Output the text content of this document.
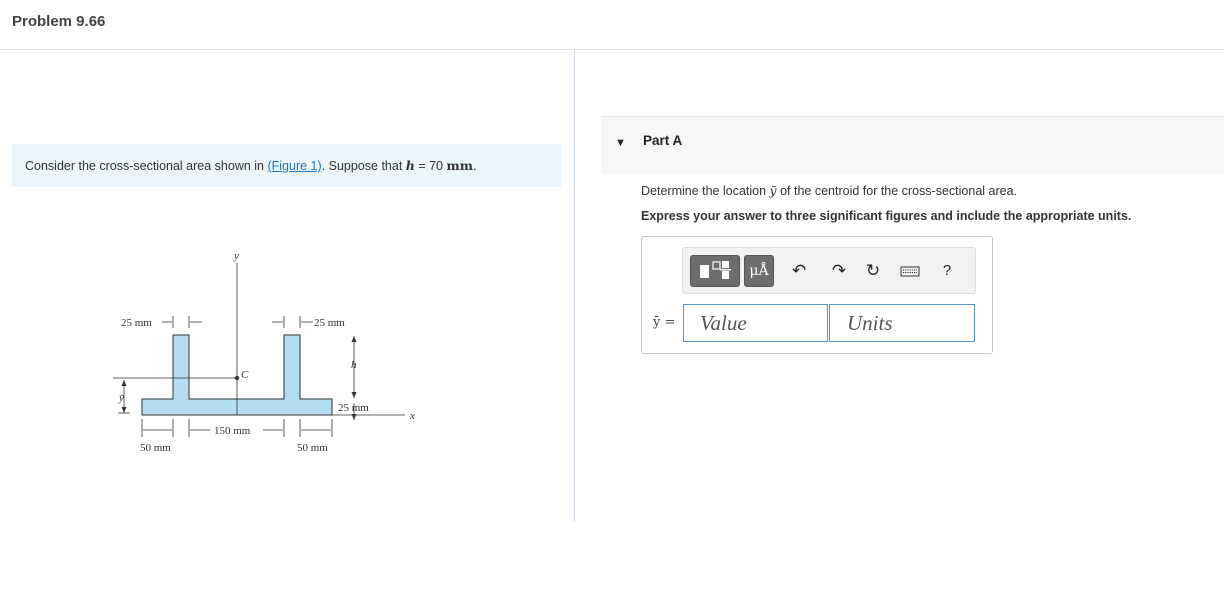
Problem 9.66
Consider the cross-sectional area shown in (Figure 1). Suppose that h = 70 mm.
y
x
C
ȳ
h
25 mm
25 mm	25 mm
150 mm
50 mm	50 mm
▼ Part A
Determine the location ȳ of the centroid for the cross-sectional area.
Express your answer to three significant figures and include the appropriate units.
μÅ	↶ ↷ ↻	?
ȳ =
Value
Units
